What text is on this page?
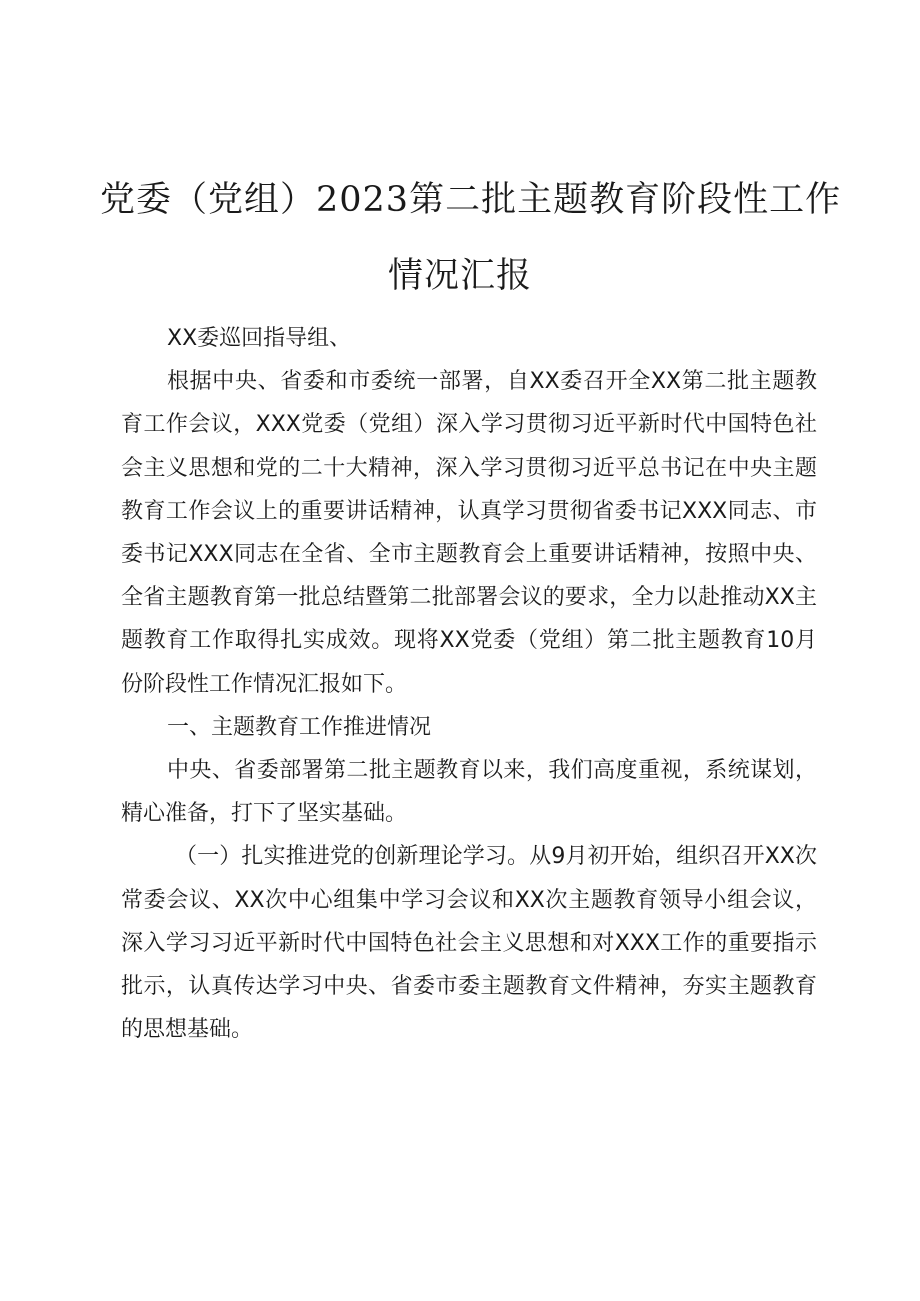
党委（党组）2023第二批主题教育阶段性工作
情况汇报

XX委巡回指导组、

根据中央、省委和市委统一部署，自XX委召开全XX第二批主题教育工作会议，XXX党委（党组）深入学习贯彻习近平新时代中国特色社会主义思想和党的二十大精神，深入学习贯彻习近平总书记在中央主题教育工作会议上的重要讲话精神，认真学习贯彻省委书记XXX同志、市委书记XXX同志在全省、全市主题教育会上重要讲话精神，按照中央、全省主题教育第一批总结暨第二批部署会议的要求，全力以赴推动XX主题教育工作取得扎实成效。现将XX党委（党组）第二批主题教育10月份阶段性工作情况汇报如下。

一、主题教育工作推进情况

中央、省委部署第二批主题教育以来，我们高度重视，系统谋划，精心准备，打下了坚实基础。

（一）扎实推进党的创新理论学习。从9月初开始，组织召开XX次常委会议、XX次中心组集中学习会议和XX次主题教育领导小组会议，深入学习习近平新时代中国特色社会主义思想和对XXX工作的重要指示批示，认真传达学习中央、省委市委主题教育文件精神，夯实主题教育的思想基础。
